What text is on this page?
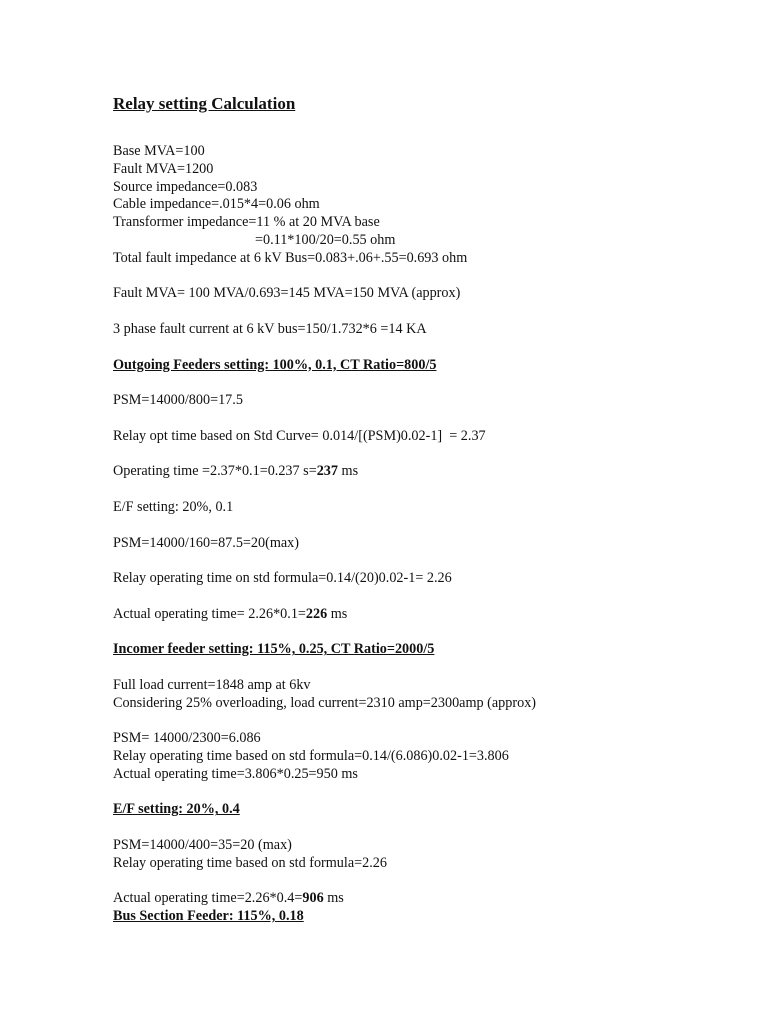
Relay setting Calculation

Base MVA=100

Fault MVA=1200

Source impedance=0.083

Cable impedance=.015*4=0.06 ohm

Transformer impedance=11 % at 20 MVA base

=0.11*100/20=0.55 ohm

Total fault impedance at 6 kV Bus=0.083+.06+.55=0.693 ohm

Fault MVA= 100 MVA/0.693=145 MVA=150 MVA (approx)

3 phase fault current at 6 kV bus=150/1.732*6 =14 KA

Outgoing Feeders setting: 100%, 0.1, CT Ratio=800/5

PSM=14000/800=17.5

Relay opt time based on Std Curve= 0.014/[(PSM)0.02-1]  = 2.37

Operating time =2.37*0.1=0.237 s=237 ms

E/F setting: 20%, 0.1

PSM=14000/160=87.5=20(max)

Relay operating time on std formula=0.14/(20)0.02-1= 2.26

Actual operating time= 2.26*0.1=226 ms

Incomer feeder setting: 115%, 0.25, CT Ratio=2000/5

Full load current=1848 amp at 6kv

Considering 25% overloading, load current=2310 amp=2300amp (approx)

PSM= 14000/2300=6.086

Relay operating time based on std formula=0.14/(6.086)0.02-1=3.806

Actual operating time=3.806*0.25=950 ms

E/F setting: 20%, 0.4

PSM=14000/400=35=20 (max)

Relay operating time based on std formula=2.26

Actual operating time=2.26*0.4=906 ms

Bus Section Feeder: 115%, 0.18
